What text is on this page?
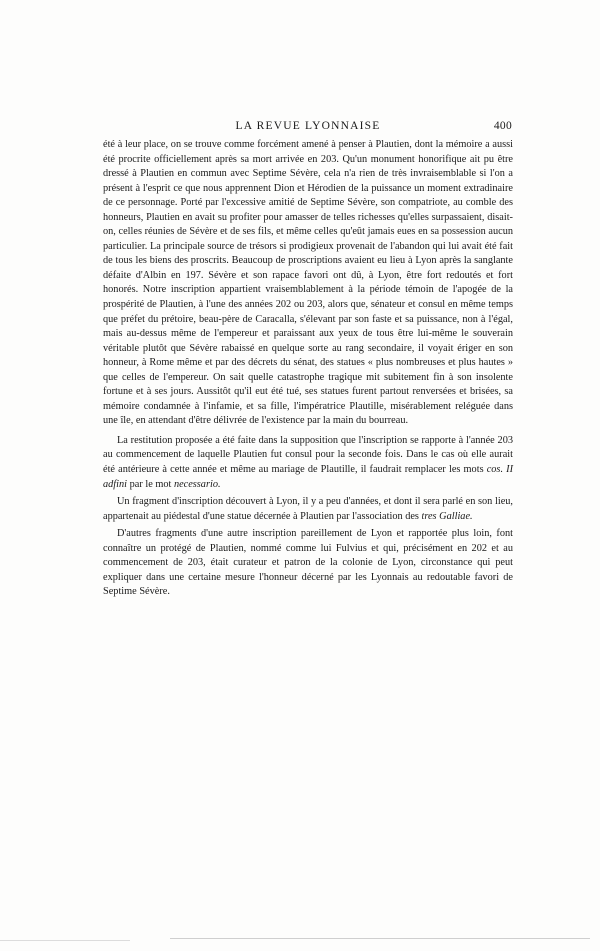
LA REVUE LYONNAISE	400

été à leur place, on se trouve comme forcément amené à penser à Plautien, dont la mémoire a aussi été procrite officiellement après sa mort arrivée en 203. Qu'un monument honorifique ait pu être dressé à Plautien en commun avec Septime Sévère, cela n'a rien de très invraisemblable si l'on a présent à l'esprit ce que nous apprennent Dion et Hérodien de la puissance un moment extradinaire de ce personnage. Porté par l'excessive amitié de Septime Sévère, son compatriote, au comble des honneurs, Plautien en avait su profiter pour amasser de telles richesses qu'elles surpassaient, disait-on, celles réunies de Sévère et de ses fils, et même celles qu'eût jamais eues en sa possession aucun particulier. La principale source de trésors si prodigieux provenait de l'abandon qui lui avait été fait de tous les biens des proscrits. Beaucoup de proscriptions avaient eu lieu à Lyon après la sanglante défaite d'Albin en 197. Sévère et son rapace favori ont dû, à Lyon, être fort redoutés et fort honorés. Notre inscription appartient vraisemblablement à la période témoin de l'apogée de la prospérité de Plautien, à l'une des années 202 ou 203, alors que, sénateur et consul en même temps que préfet du prétoire, beau-père de Caracalla, s'élevant par son faste et sa puissance, non à l'égal, mais au-dessus même de l'empereur et paraissant aux yeux de tous être lui-même le souverain véritable plutôt que Sévère rabaissé en quelque sorte au rang secondaire, il voyait ériger en son honneur, à Rome même et par des décrets du sénat, des statues « plus nombreuses et plus hautes » que celles de l'empereur. On sait quelle catastrophe tragique mit subitement fin à son insolente fortune et à ses jours. Aussitôt qu'il eut été tué, ses statues furent partout renversées et brisées, sa mémoire condamnée à l'infamie, et sa fille, l'impératrice Plautille, misérablement reléguée dans une île, en attendant d'être délivrée de l'existence par la main du bourreau.

La restitution proposée a été faite dans la supposition que l'inscription se rapporte à l'année 203 au commencement de laquelle Plautien fut consul pour la seconde fois. Dans le cas où elle aurait été antérieure à cette année et même au mariage de Plautille, il faudrait remplacer les mots cos. II adfini par le mot necessario.

Un fragment d'inscription découvert à Lyon, il y a peu d'années, et dont il sera parlé en son lieu, appartenait au piédestal d'une statue décernée à Plautien par l'association des tres Galliae.

D'autres fragments d'une autre inscription pareillement de Lyon et rapportée plus loin, font connaître un protégé de Plautien, nommé comme lui Fulvius et qui, précisément en 202 et au commencement de 203, était curateur et patron de la colonie de Lyon, circonstance qui peut expliquer dans une certaine mesure l'honneur décerné par les Lyonnais au redoutable favori de Septime Sévère.
